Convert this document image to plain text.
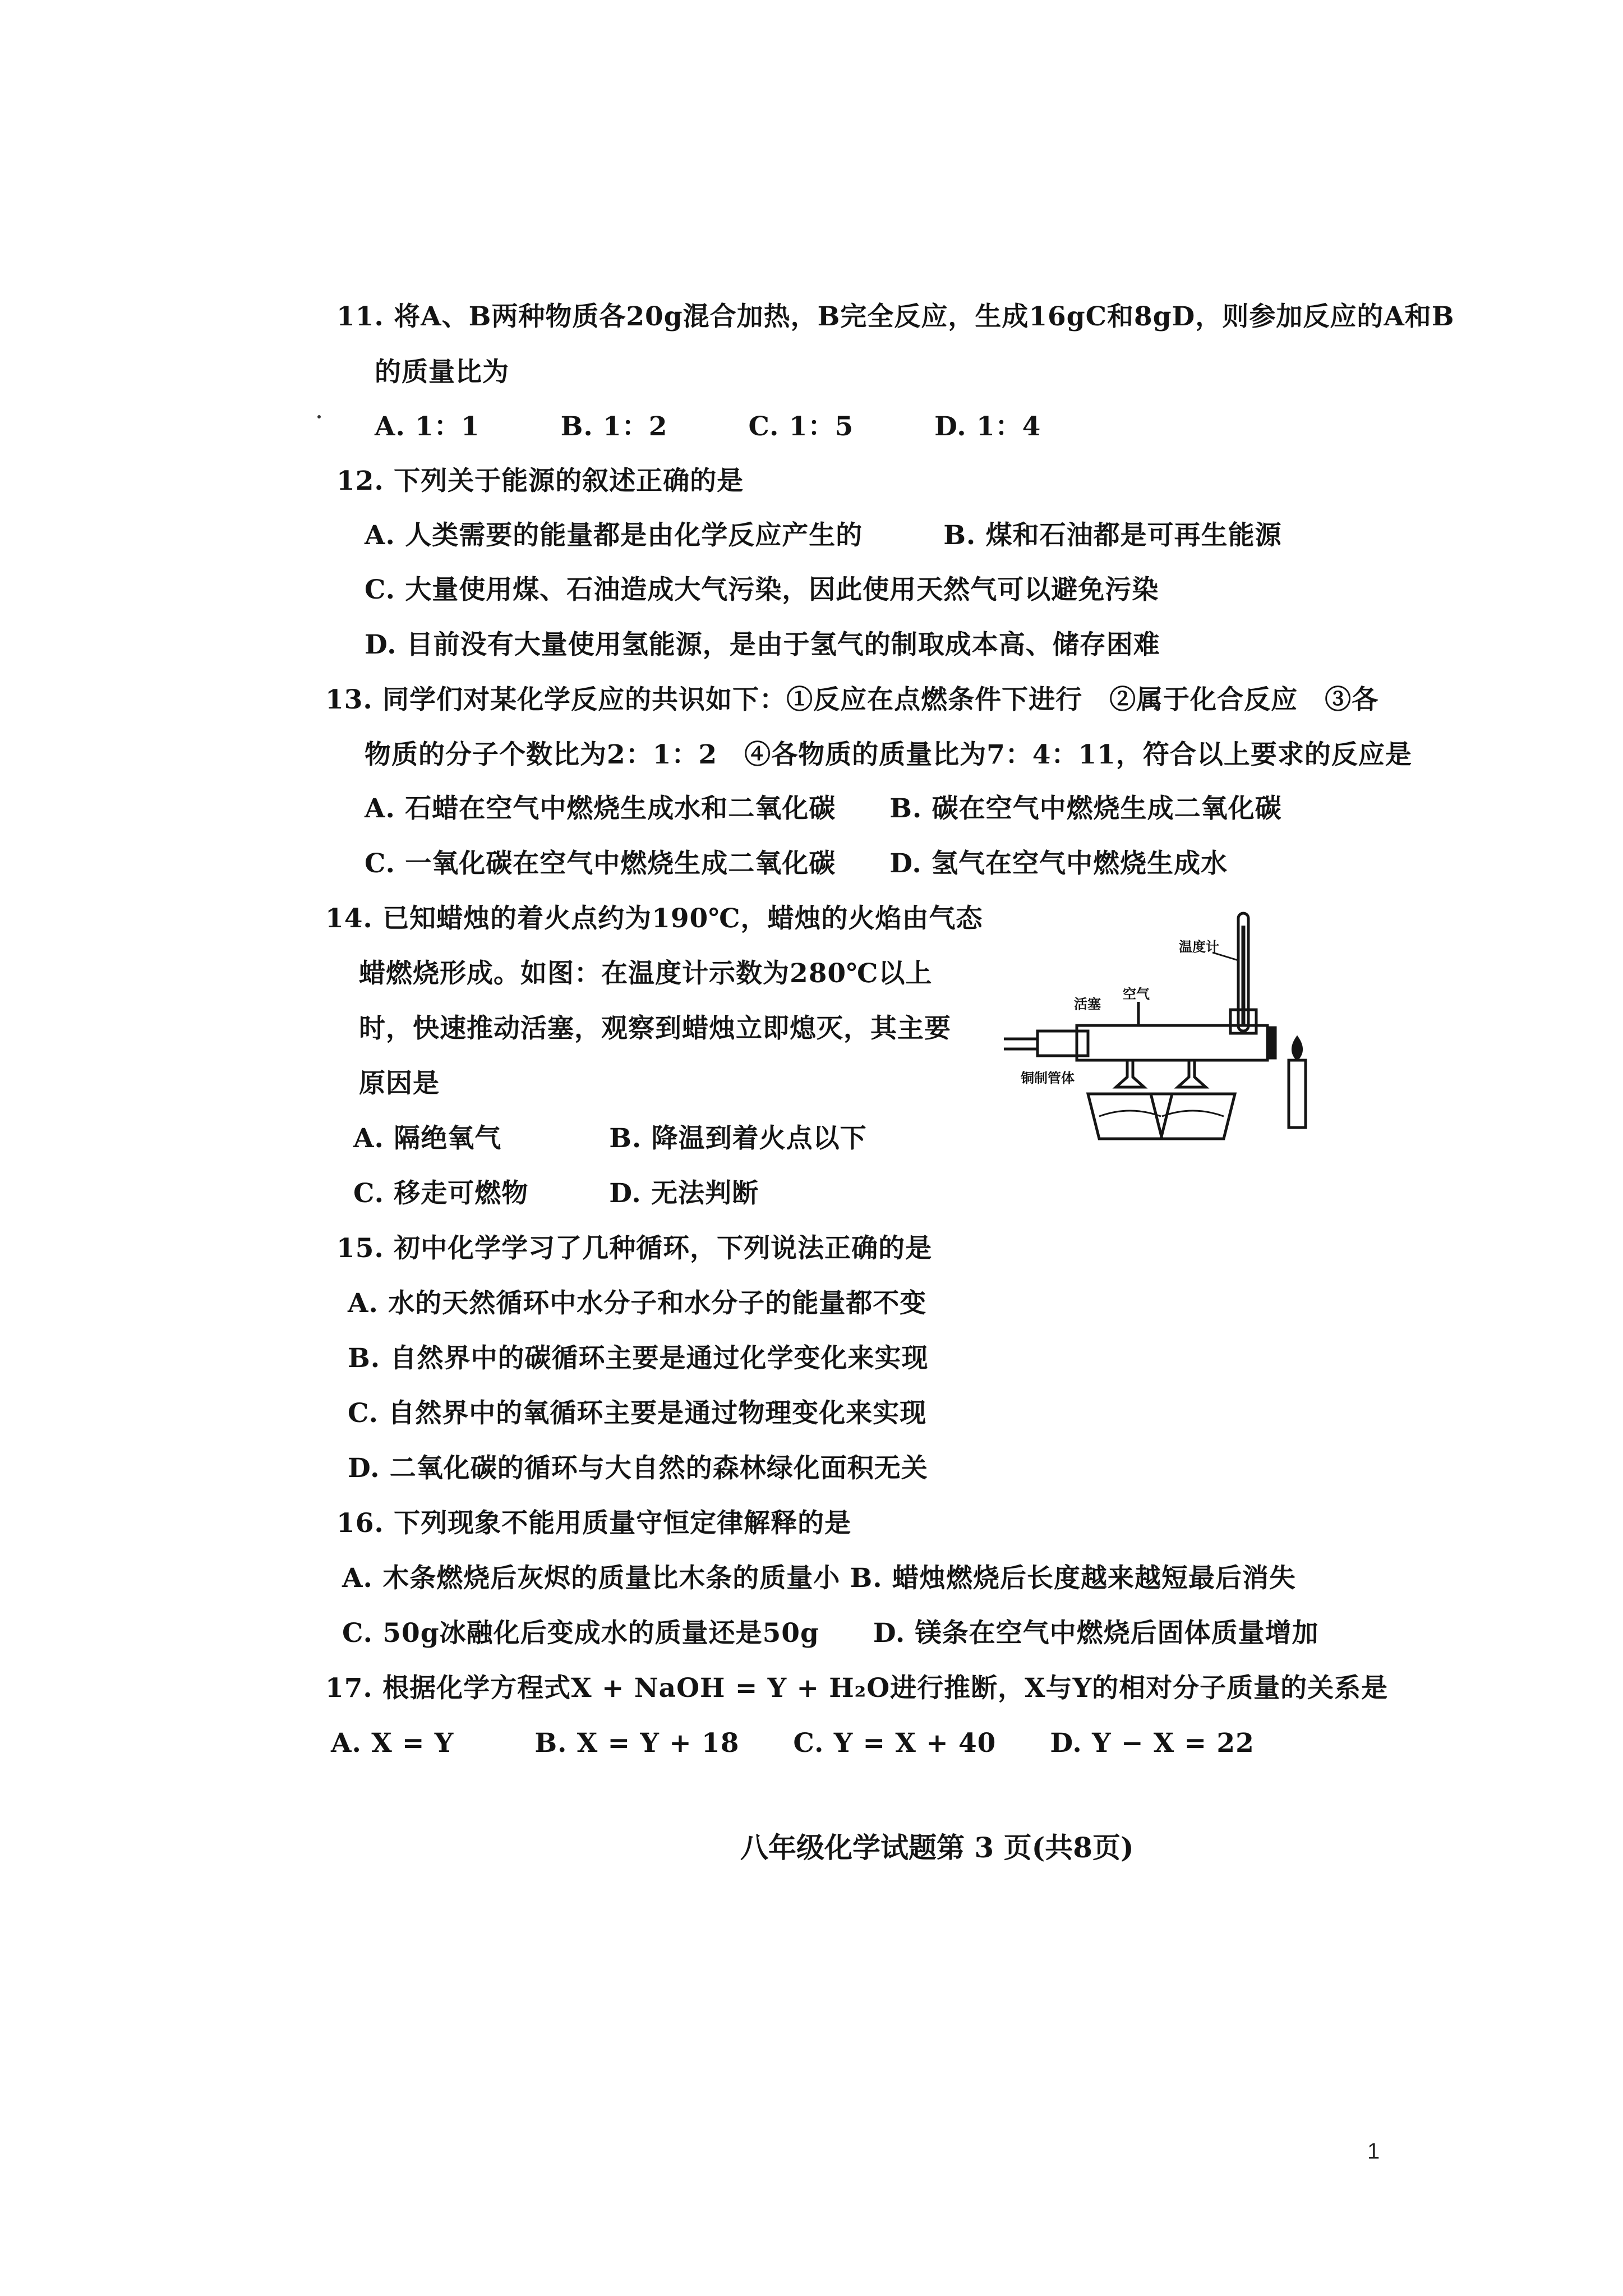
11. 将A、B两种物质各20g混合加热，B完全反应，生成16gC和8gD，则参加反应的A和B
的质量比为
A. 1：1　　　B. 1：2　　　C. 1：5　　　D. 1：4
12. 下列关于能源的叙述正确的是
A. 人类需要的能量都是由化学反应产生的　　　B. 煤和石油都是可再生能源
C. 大量使用煤、石油造成大气污染，因此使用天然气可以避免污染
D. 目前没有大量使用氢能源，是由于氢气的制取成本高、储存困难
13. 同学们对某化学反应的共识如下：①反应在点燃条件下进行　②属于化合反应　③各
物质的分子个数比为2：1：2　④各物质的质量比为7：4：11，符合以上要求的反应是
A. 石蜡在空气中燃烧生成水和二氧化碳　　B. 碳在空气中燃烧生成二氧化碳
C. 一氧化碳在空气中燃烧生成二氧化碳　　D. 氢气在空气中燃烧生成水
14. 已知蜡烛的着火点约为190℃，蜡烛的火焰由气态
蜡燃烧形成。如图：在温度计示数为280℃以上
时，快速推动活塞，观察到蜡烛立即熄灭，其主要
原因是
A. 隔绝氧气　　　　B. 降温到着火点以下
C. 移走可燃物　　　D. 无法判断
温度计
活塞
空气
铜制管体
15. 初中化学学习了几种循环，下列说法正确的是
A. 水的天然循环中水分子和水分子的能量都不变
B. 自然界中的碳循环主要是通过化学变化来实现
C. 自然界中的氧循环主要是通过物理变化来实现
D. 二氧化碳的循环与大自然的森林绿化面积无关
16. 下列现象不能用质量守恒定律解释的是
A. 木条燃烧后灰烬的质量比木条的质量小 B. 蜡烛燃烧后长度越来越短最后消失
C. 50g冰融化后变成水的质量还是50g　　D. 镁条在空气中燃烧后固体质量增加
17. 根据化学方程式X + NaOH = Y + H₂O进行推断，X与Y的相对分子质量的关系是
A. X = Y　　　B. X = Y + 18　　C. Y = X + 40　　D. Y − X = 22
八年级化学试题第 3 页(共8页)
1
